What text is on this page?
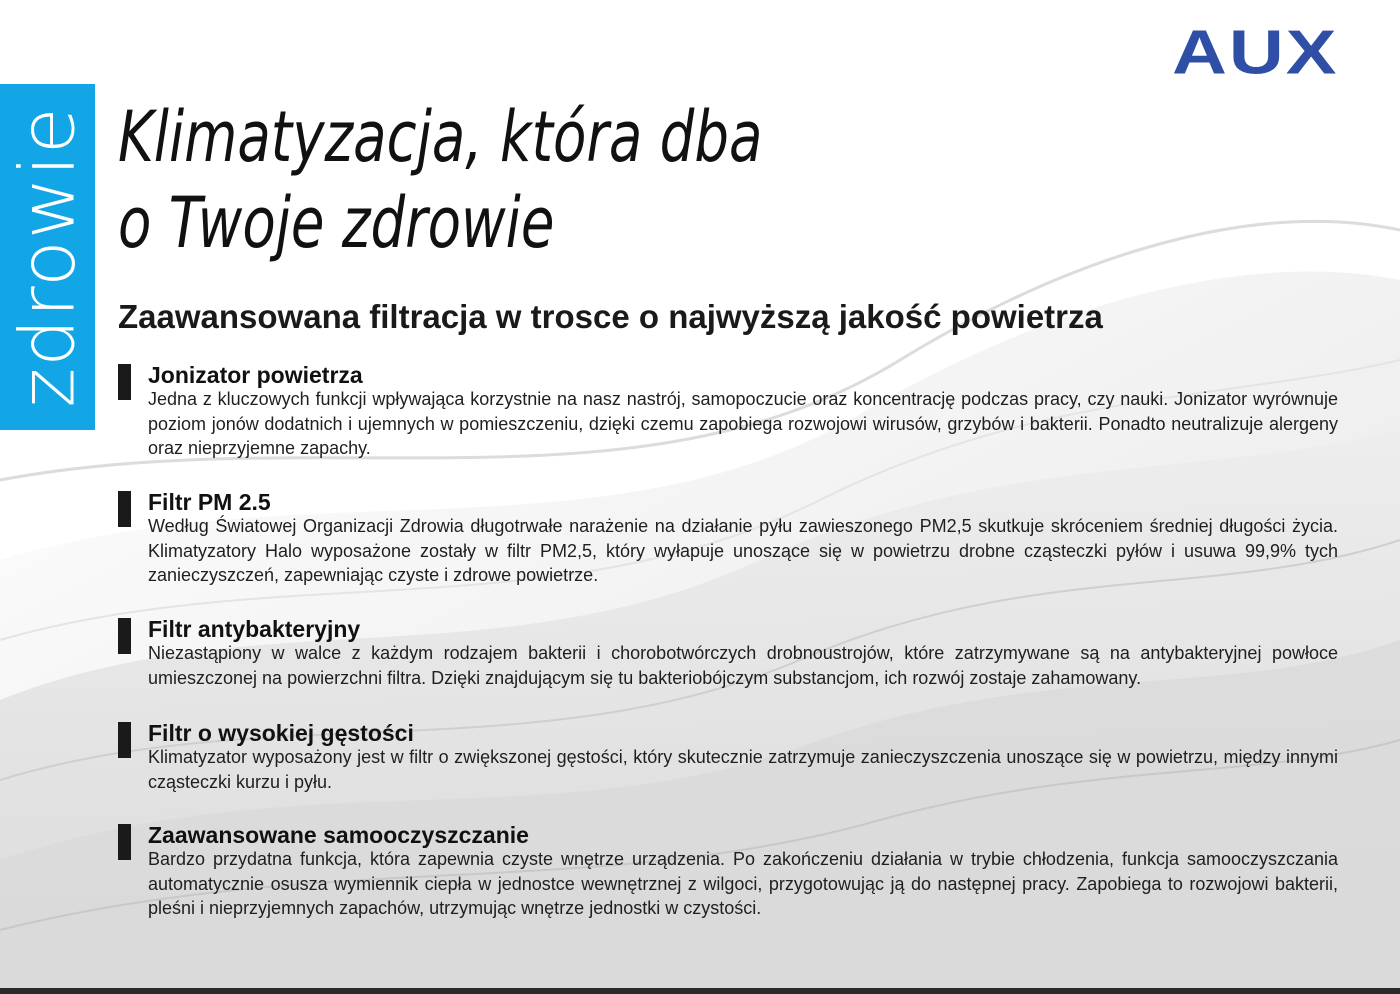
zdrowie
AUX
Klimatyzacja, która dba
o Twoje zdrowie
Zaawansowana filtracja w trosce o najwyższą jakość powietrza
Jonizator powietrza
Jedna z kluczowych funkcji wpływająca korzystnie na nasz nastrój, samopoczucie oraz koncentrację podczas pracy, czy nauki. Jonizator wyrównuje poziom jonów dodatnich i ujemnych w pomieszczeniu, dzięki czemu zapobiega rozwojowi wirusów, grzybów i bakterii. Ponadto neutralizuje alergeny oraz nieprzyjemne zapachy.
Filtr PM 2.5
Według Światowej Organizacji Zdrowia długotrwałe narażenie na działanie pyłu zawieszonego PM2,5 skutkuje skróceniem średniej długości życia. Klimatyzatory Halo wyposażone zostały w filtr PM2,5, który wyłapuje unoszące się w powietrzu drobne cząsteczki pyłów i usuwa 99,9% tych zanieczyszczeń, zapewniając czyste i zdrowe powietrze.
Filtr antybakteryjny
Niezastąpiony w walce z każdym rodzajem bakterii i chorobotwórczych drobnoustrojów, które zatrzymywane są na antybakteryjnej powłoce umieszczonej na powierzchni filtra. Dzięki znajdującym się tu bakteriobójczym substancjom, ich rozwój zostaje zahamowany.
Filtr o wysokiej gęstości
Klimatyzator wyposażony jest w filtr o zwiększonej gęstości, który skutecznie zatrzymuje zanieczyszczenia unoszące się w powietrzu, między innymi cząsteczki kurzu i pyłu.
Zaawansowane samooczyszczanie
Bardzo przydatna funkcja, która zapewnia czyste wnętrze urządzenia. Po zakończeniu działania w trybie chłodzenia, funkcja samooczyszczania automatycznie osusza wymiennik ciepła w jednostce wewnętrznej z wilgoci, przygotowując ją do następnej pracy. Zapobiega to rozwojowi bakterii, pleśni i nieprzyjemnych zapachów, utrzymując wnętrze jednostki w czystości.
